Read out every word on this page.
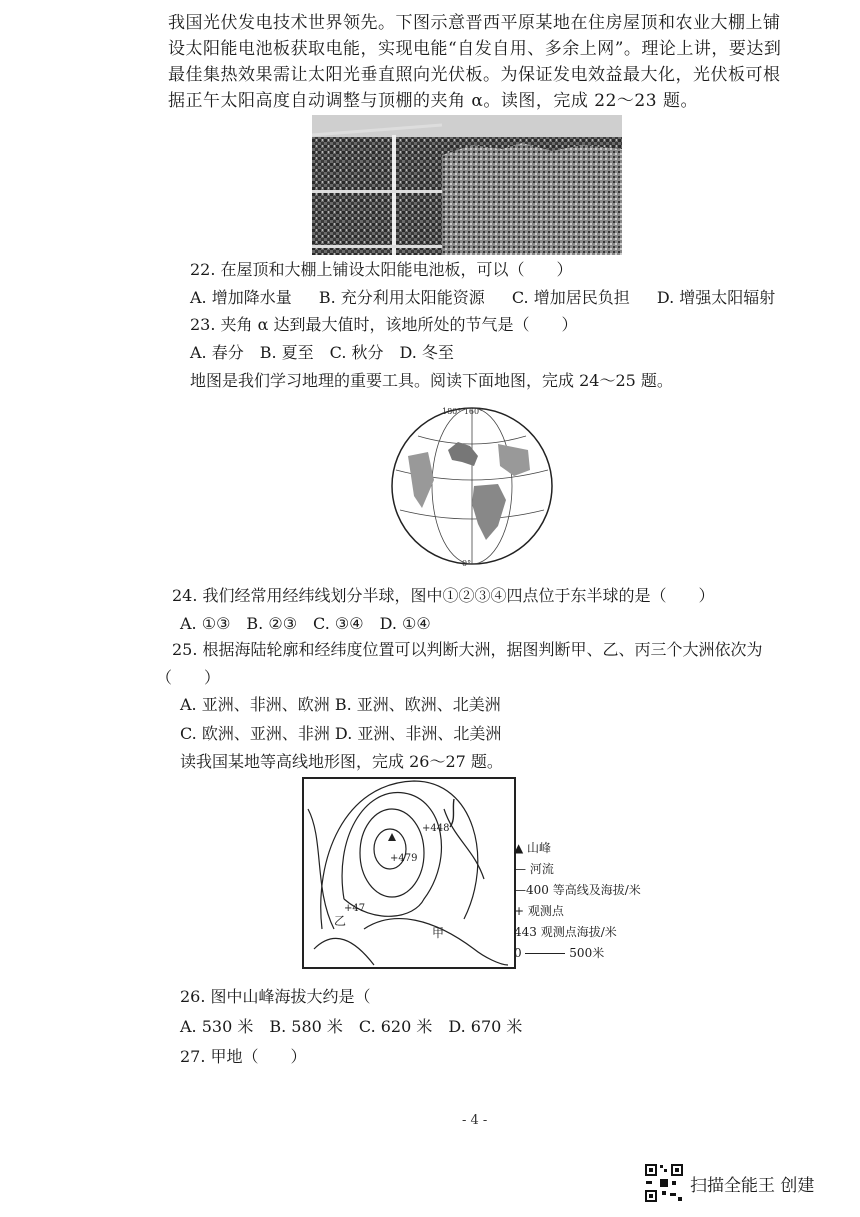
我国光伏发电技术世界领先。下图示意晋西平原某地在住房屋顶和农业大棚上铺设太阳能电池板获取电能，实现电能“自发自用、多余上网”。理论上讲，要达到最佳集热效果需让太阳光垂直照向光伏板。为保证发电效益最大化，光伏板可根据正午太阳高度自动调整与顶棚的夹角 α。读图，完成 22～23 题。
22. 在屋顶和大棚上铺设太阳能电池板，可以（　　）
A. 增加降水量 B. 充分利用太阳能资源 C. 增加居民负担 D. 增强太阳辐射
23. 夹角 α 达到最大值时，该地所处的节气是（　　）
A. 春分　B. 夏至　C. 秋分　D. 冬至
地图是我们学习地理的重要工具。阅读下面地图，完成 24～25 题。
180° 160°
0°
24. 我们经常用经纬线划分半球，图中①②③④四点位于东半球的是（　　）
A. ①③　B. ②③　C. ③④　D. ①④
25. 根据海陆轮廓和经纬度位置可以判断大洲，据图判断甲、乙、丙三个大洲依次为
（　　）
A. 亚洲、非洲、欧洲 B. 亚洲、欧洲、北美洲
C. 欧洲、亚洲、非洲 D. 亚洲、非洲、北美洲
读我国某地等高线地形图，完成 26～27 题。
+448
+479
+47
乙
甲
▲ 山峰
— 河流
—400 等高线及海拔/米
+ 观测点
443 观测点海拔/米
0	500米
26. 图中山峰海拔大约是（
A. 530 米　B. 580 米　C. 620 米　D. 670 米
27. 甲地（　　）
- 4 -
扫描全能王 创建
